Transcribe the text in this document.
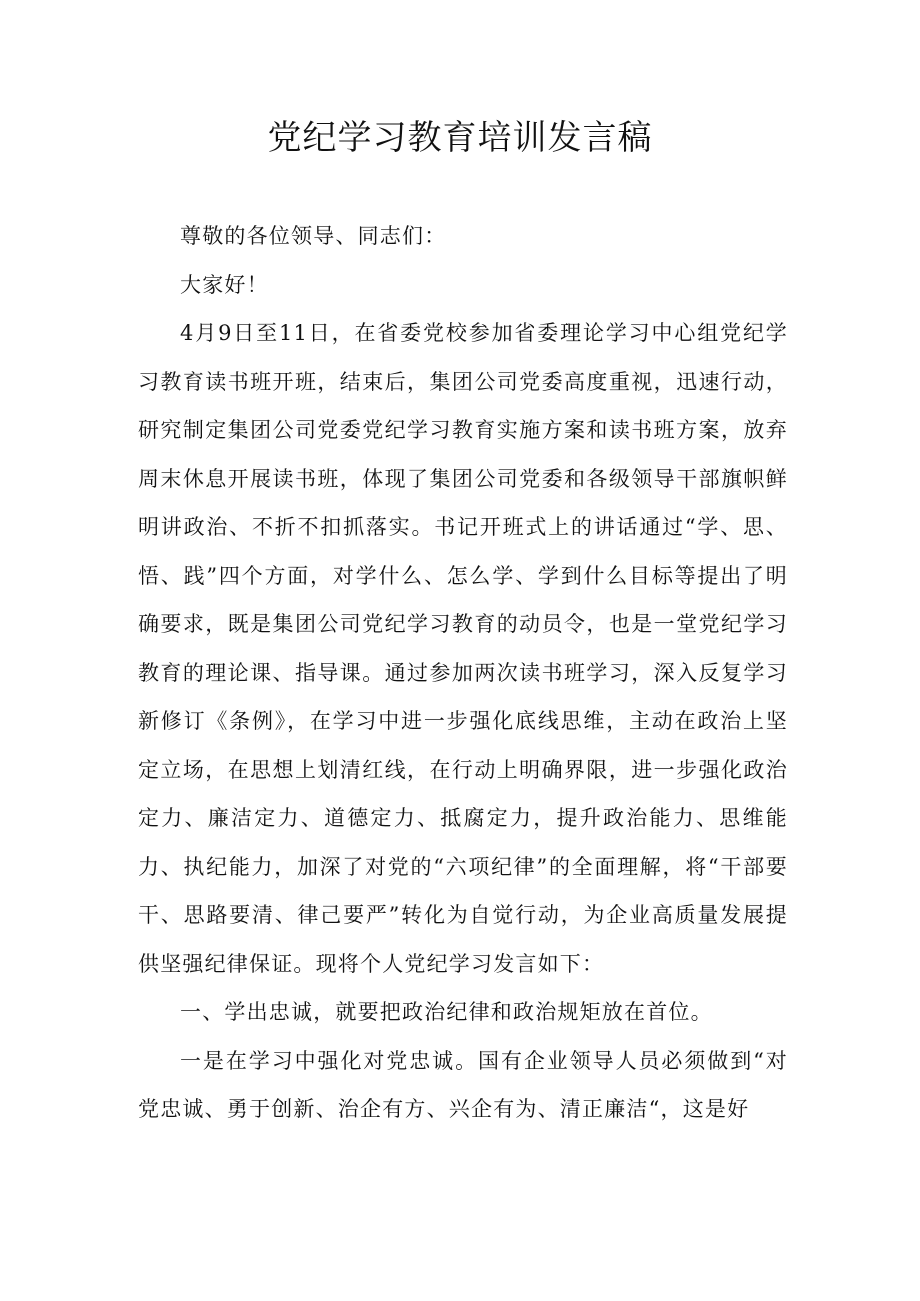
党纪学习教育培训发言稿

尊敬的各位领导、同志们：

大家好！

4月9日至11日，在省委党校参加省委理论学习中心组党纪学习教育读书班开班，结束后，集团公司党委高度重视，迅速行动，研究制定集团公司党委党纪学习教育实施方案和读书班方案，放弃周末休息开展读书班，体现了集团公司党委和各级领导干部旗帜鲜明讲政治、不折不扣抓落实。书记开班式上的讲话通过“学、思、悟、践”四个方面，对学什么、怎么学、学到什么目标等提出了明确要求，既是集团公司党纪学习教育的动员令，也是一堂党纪学习教育的理论课、指导课。通过参加两次读书班学习，深入反复学习新修订《条例》，在学习中进一步强化底线思维，主动在政治上坚定立场，在思想上划清红线，在行动上明确界限，进一步强化政治定力、廉洁定力、道德定力、抵腐定力，提升政治能力、思维能力、执纪能力，加深了对党的“六项纪律”的全面理解，将“干部要干、思路要清、律己要严”转化为自觉行动，为企业高质量发展提供坚强纪律保证。现将个人党纪学习发言如下：

一、学出忠诚，就要把政治纪律和政治规矩放在首位。

一是在学习中强化对党忠诚。国有企业领导人员必须做到“对党忠诚、勇于创新、治企有方、兴企有为、清正廉洁“，这是好
